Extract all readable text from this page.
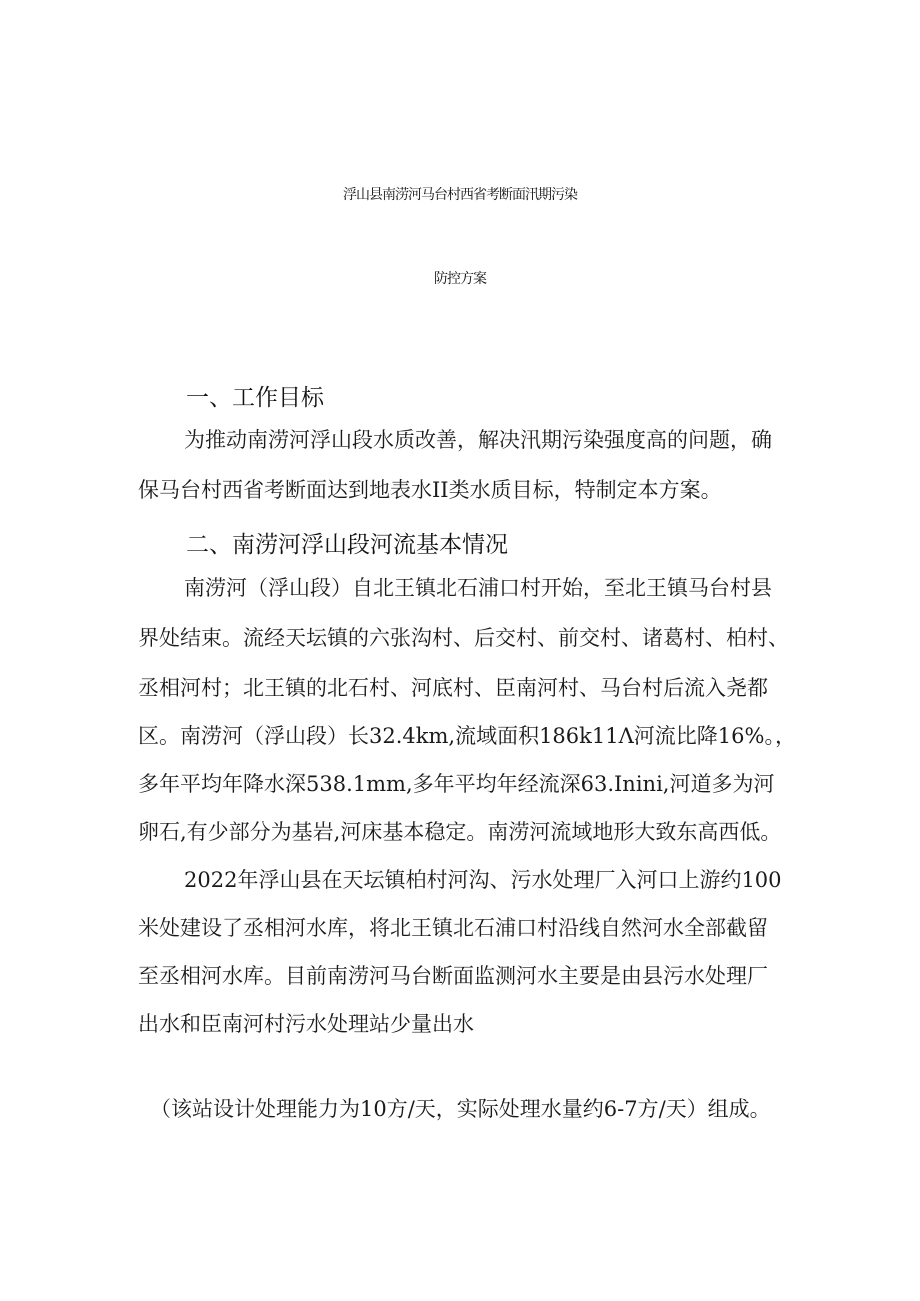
浮山县南涝河马台村西省考断面汛期污染
防控方案
一、工作目标
为推动南涝河浮山段水质改善，解决汛期污染强度高的问题，确
保马台村西省考断面达到地表水II类水质目标，特制定本方案。
二、南涝河浮山段河流基本情况
南涝河（浮山段）自北王镇北石浦口村开始，至北王镇马台村县
界处结束。流经天坛镇的六张沟村、后交村、前交村、诸葛村、柏村、
丞相河村；北王镇的北石村、河底村、臣南河村、马台村后流入尧都
区。南涝河（浮山段）长32.4km,流域面积186k11Λ河流比降16%。，
多年平均年降水深538.1mm,多年平均年经流深63.Inini,河道多为河
卵石,有少部分为基岩,河床基本稳定。南涝河流域地形大致东高西低。
2022年浮山县在天坛镇柏村河沟、污水处理厂入河口上游约100
米处建设了丞相河水库，将北王镇北石浦口村沿线自然河水全部截留
至丞相河水库。目前南涝河马台断面监测河水主要是由县污水处理厂
出水和臣南河村污水处理站少量出水
（该站设计处理能力为10方/天，实际处理水量约6-7方/天）组成。
